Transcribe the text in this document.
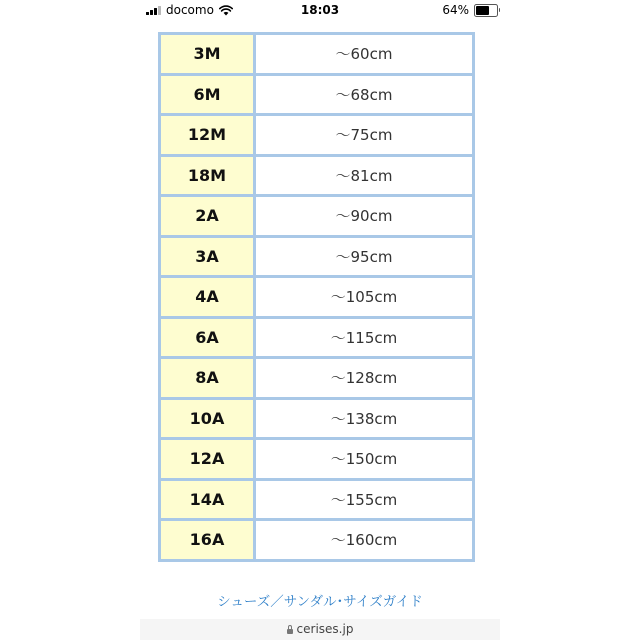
docomo	18:03	64%
3M	〜60cm
6M	〜68cm
12M	〜75cm
18M	〜81cm
2A	〜90cm
3A	〜95cm
4A	〜105cm
6A	〜115cm
8A	〜128cm
10A	〜138cm
12A	〜150cm
14A	〜155cm
16A	〜160cm
シューズ／サンダル･サイズガイド
cerises.jp
